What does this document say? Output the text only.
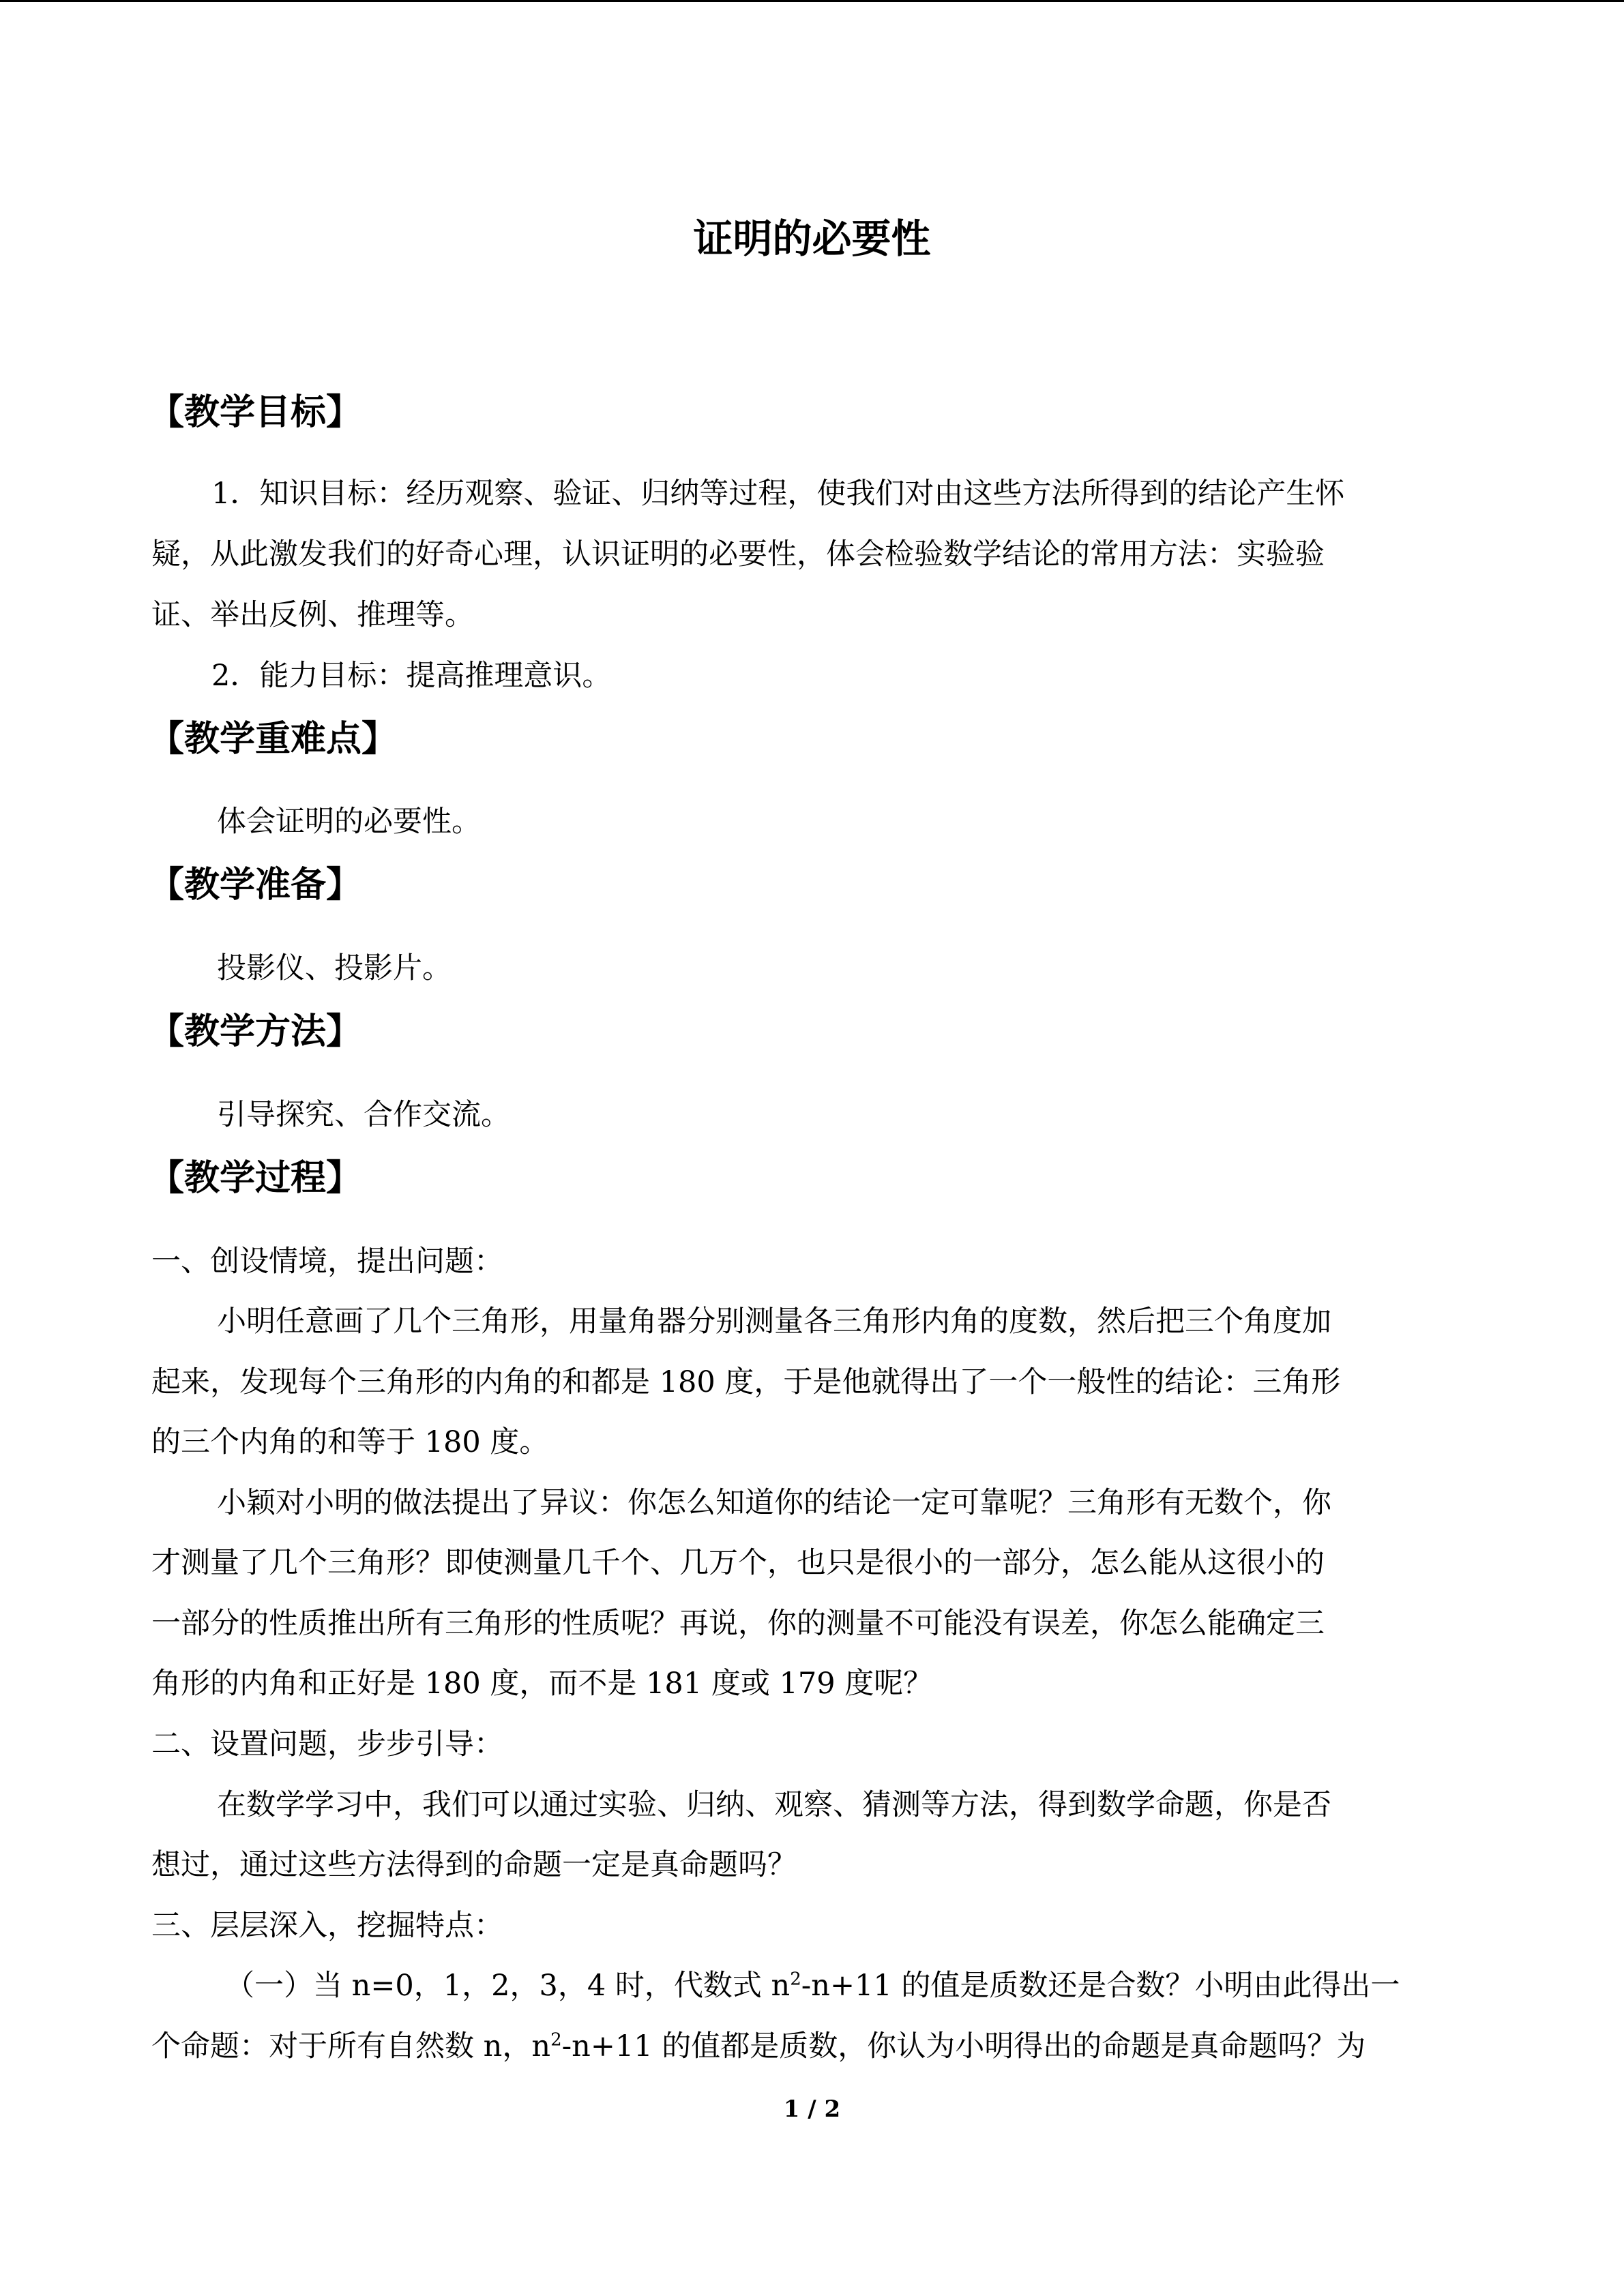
证明的必要性
【教学目标】
1．知识目标：经历观察、验证、归纳等过程，使我们对由这些方法所得到的结论产生怀
疑，从此激发我们的好奇心理，认识证明的必要性，体会检验数学结论的常用方法：实验验
证、举出反例、推理等。
2．能力目标：提高推理意识。
【教学重难点】
体会证明的必要性。
【教学准备】
投影仪、投影片。
【教学方法】
引导探究、合作交流。
【教学过程】
一、创设情境，提出问题：
小明任意画了几个三角形，用量角器分别测量各三角形内角的度数，然后把三个角度加
起来，发现每个三角形的内角的和都是 180 度，于是他就得出了一个一般性的结论：三角形
的三个内角的和等于 180 度。
小颖对小明的做法提出了异议：你怎么知道你的结论一定可靠呢？三角形有无数个，你
才测量了几个三角形？即使测量几千个、几万个，也只是很小的一部分，怎么能从这很小的
一部分的性质推出所有三角形的性质呢？再说，你的测量不可能没有误差，你怎么能确定三
角形的内角和正好是 180 度，而不是 181 度或 179 度呢？
二、设置问题，步步引导：
在数学学习中，我们可以通过实验、归纳、观察、猜测等方法，得到数学命题，你是否
想过，通过这些方法得到的命题一定是真命题吗？
三、层层深入，挖掘特点：
（一）当 n=0，1，2，3，4 时，代数式 $n^2-n+11$ 的值是质数还是合数？小明由此得出一
个命题：对于所有自然数 n，$n^2-n+11$ 的值都是质数，你认为小明得出的命题是真命题吗？为
1 / 2
